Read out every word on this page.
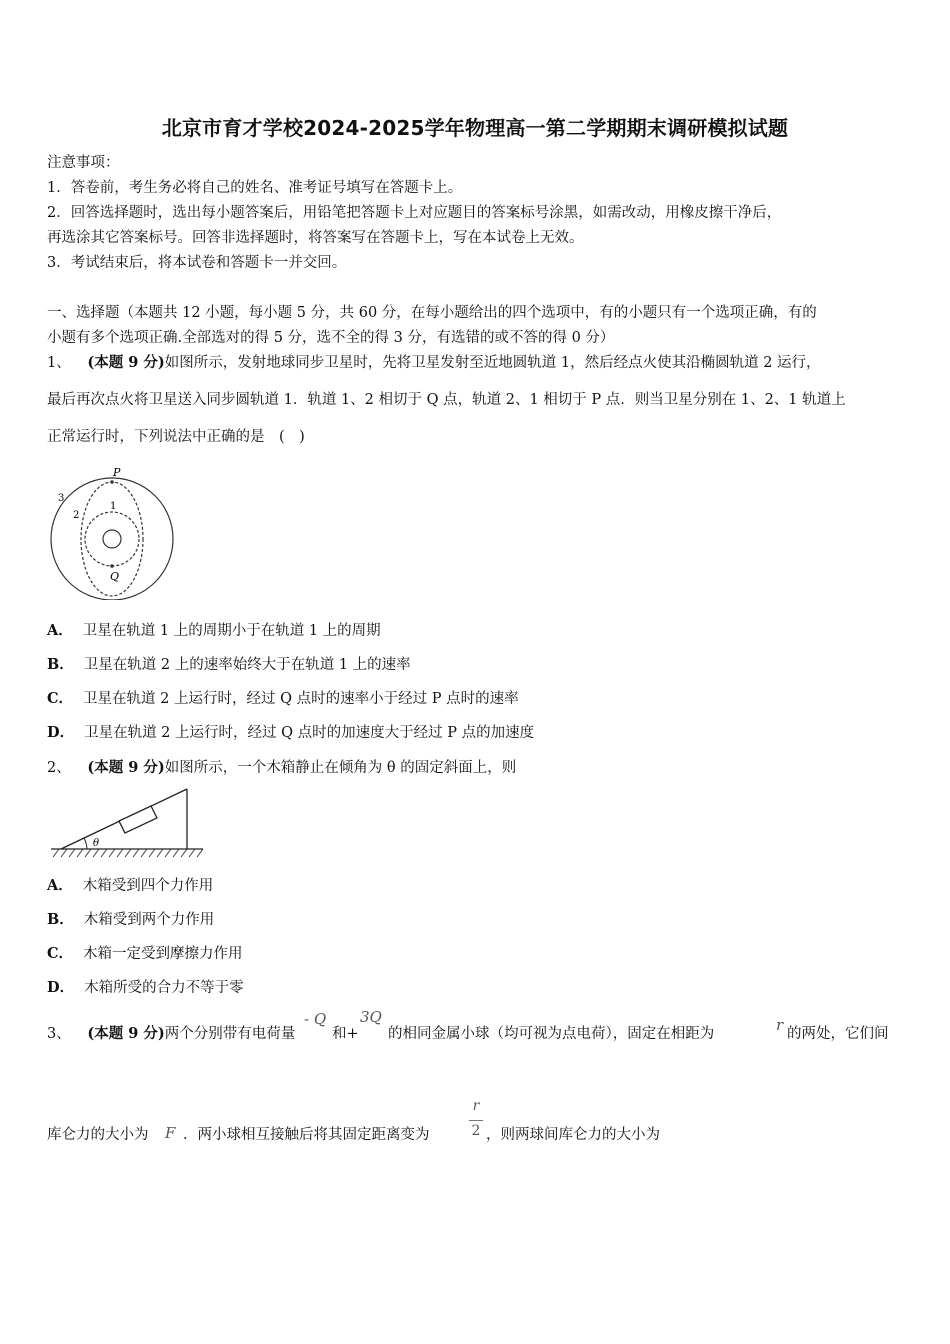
北京市育才学校2024-2025学年物理高一第二学期期末调研模拟试题
注意事项：
1．答卷前，考生务必将自己的姓名、准考证号填写在答题卡上。
2．回答选择题时，选出每小题答案后，用铅笔把答题卡上对应题目的答案标号涂黑，如需改动，用橡皮擦干净后，
再选涂其它答案标号。回答非选择题时，将答案写在答题卡上，写在本试卷上无效。
3．考试结束后，将本试卷和答题卡一并交回。
一、选择题（本题共 12 小题，每小题 5 分，共 60 分，在每小题给出的四个选项中，有的小题只有一个选项正确，有的
小题有多个选项正确.全部选对的得 5 分，选不全的得 3 分，有选错的或不答的得 0 分）
1、 (本题 9 分)如图所示，发射地球同步卫星时，先将卫星发射至近地圆轨道 1，然后经点火使其沿椭圆轨道 2 运行，
最后再次点火将卫星送入同步圆轨道 1．轨道 1、2 相切于 Q 点，轨道 2、1 相切于 P 点．则当卫星分别在 1、2、1 轨道上
正常运行时，下列说法中正确的是　(　)
P
Q
1
2
3
A． 卫星在轨道 1 上的周期小于在轨道 1 上的周期
B． 卫星在轨道 2 上的速率始终大于在轨道 1 上的速率
C． 卫星在轨道 2 上运行时，经过 Q 点时的速率小于经过 P 点时的速率
D． 卫星在轨道 2 上运行时，经过 Q 点时的加速度大于经过 P 点的加速度
2、 (本题 9 分)如图所示，一个木箱静止在倾角为 θ 的固定斜面上，则
θ
A． 木箱受到四个力作用
B． 木箱受到两个力作用
C． 木箱一定受到摩擦力作用
D． 木箱所受的合力不等于零
3、 (本题 9 分)两个分别带有电荷量
- Q
和+
3Q
的相同金属小球（均可视为点电荷），固定在相距为	r 的两处，它们间
库仑力的大小为 F ．两小球相互接触后将其固定距离变为
r
2 ，则两球间库仑力的大小为
